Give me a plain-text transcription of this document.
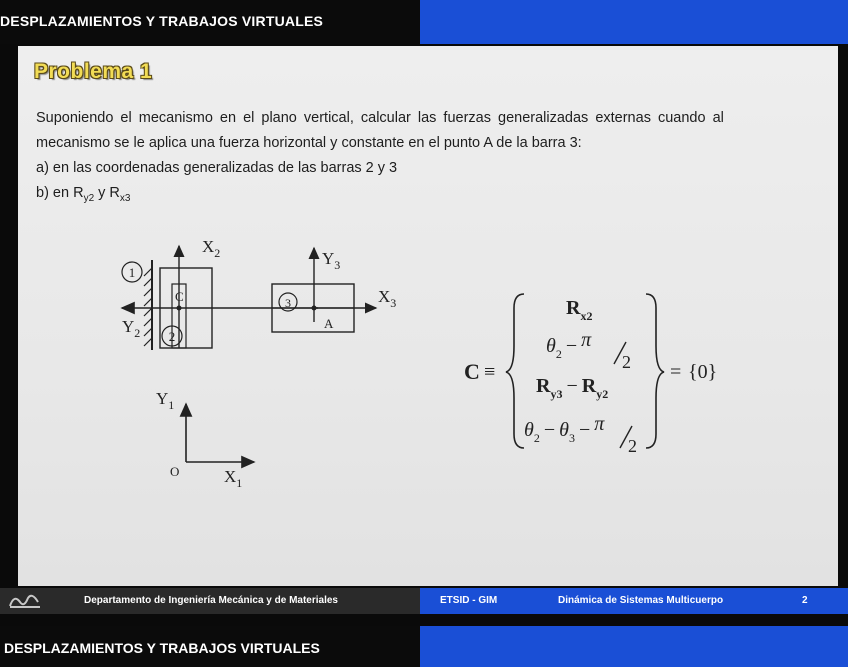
DESPLAZAMIENTOS Y TRABAJOS VIRTUALES
Problema 1
Suponiendo el mecanismo en el plano vertical, calcular las fuerzas generalizadas externas cuando al
mecanismo se le aplica una fuerza horizontal y constante en el punto A de la barra 3:
a) en las coordenadas generalizadas de las barras 2 y 3
b) en $R_{y2}$ y $R_{x3}$
1
2
3
$X_2$	$Y_3$
$X_3$
$Y_2$
C
A
$Y_1$
$X_1$
O
C ≡
$R_{x2}$
$\theta_2 - \pi$
2
$R_{y3} - R_{y2}$
$\theta_2 - \theta_3 - \pi$
2
= {0}
Departamento de Ingeniería Mecánica y de Materiales	ETSID - GIM	Dinámica de Sistemas Multicuerpo	2
DESPLAZAMIENTOS Y TRABAJOS VIRTUALES
